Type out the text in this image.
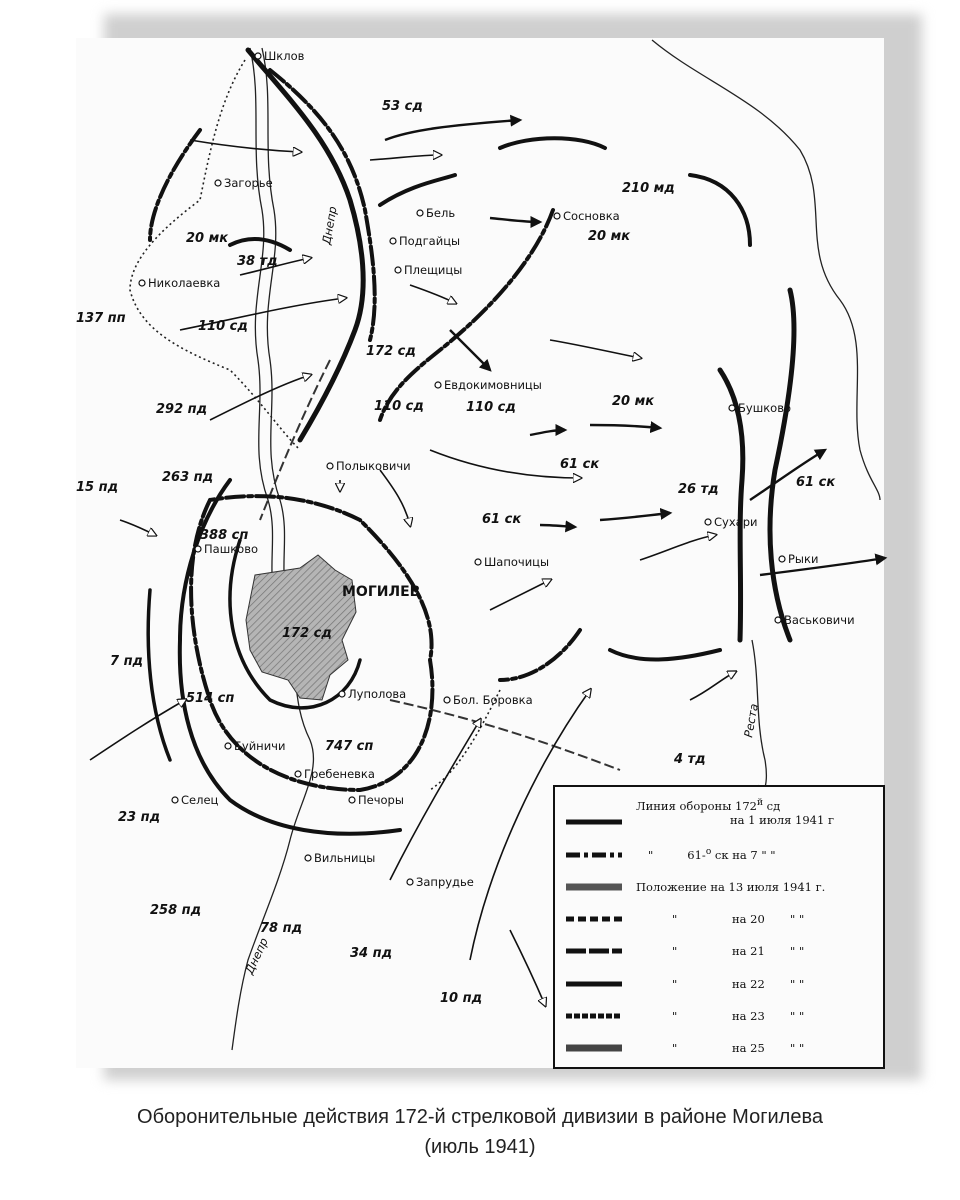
Линия обороны $172^й$ сд
на 1 июля 1941 г
"	61-$^о$ ск на 7 " "
Положение на 13 июля 1941 г.
"	на 20 " "
"	на 21 " "
"	на 22 " "
"	на 23 " "
"	на 25 " "
МОГИЛЕВ
Шклов
Загорье
Николаевка
Подгайцы
Бель	Сосновка
Плещицы
Евдокимовницы
Полыковичи
Пашково
Шапочицы
Луполова	Бол. Боровка
Буйничи
Гребеневка
Печоры
Селец
Вильницы
Запрудье
Бушково
Сухари
Рыки
Васьковичи
Днепр
Реста
Днепр
53 сд
210 мд
20 мк	20 мк
38 тд
110 сд
137 пп
172 сд
110 сд
292 пд	110 сд	20 мк
263 пд
61 ск
15 пд
388 сп
61 ск
26 тд	61 ск
172 сд
7 пд
514 сп
747 сп
4 тд
23 пд
258 пд
78 пд
34 пд
10 пд
Оборонительные действия 172-й стрелковой дивизии в районе Могилева
(июль 1941)
